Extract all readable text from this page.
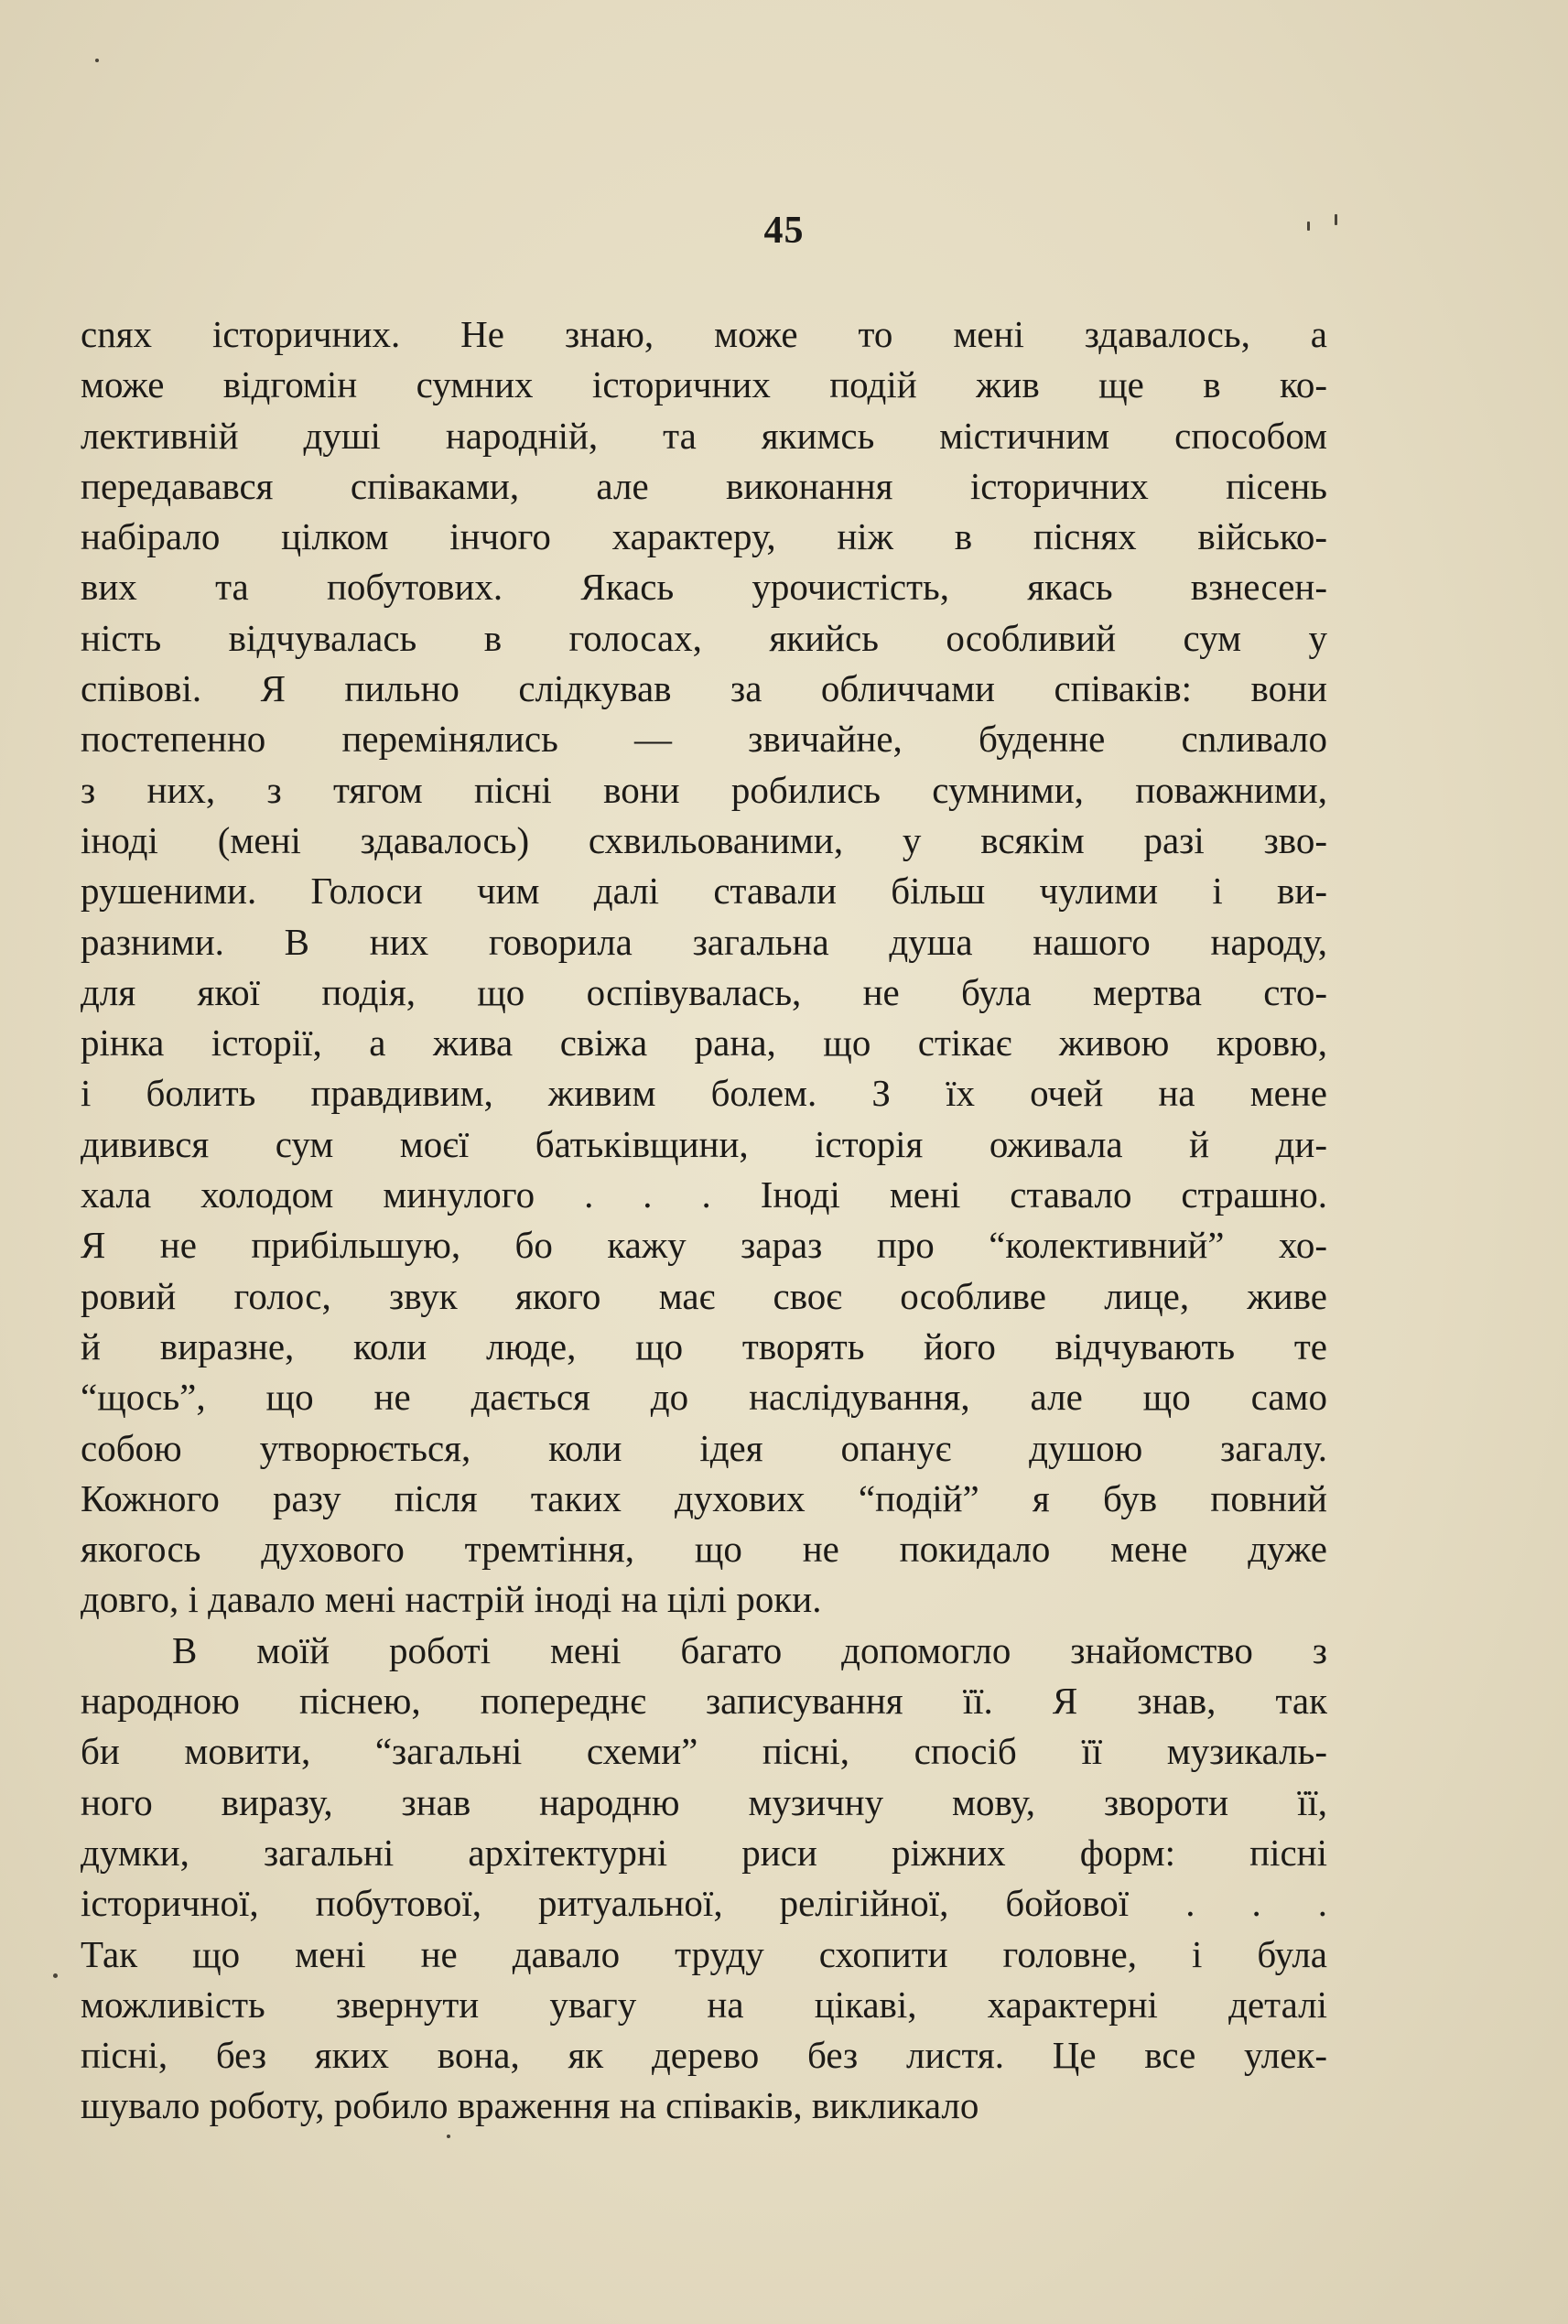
45
сnях історичних. Не знаю, може то мені здавалось, а
може відгомін сумних історичних подій жив ще в ко-
лективній душі народній, та якимсь містичним способом
передавався співаками, але виконання історичних пісень
набірало цілком інчого характеру, ніж в піснях військо-
вих та побутових. Якась урочистість, якась взнесен-
ність відчувалась в голосах, якийсь особливий сум у
співові. Я пильно слідкував за обличчами співаків: вони
постепенно перемінялись — звичайне, буденне сnливало
з них, з тягом пісні вони робились сумними, поважними,
іноді (мені здавалось) схвильованими, у всякім разі зво-
рушеними. Голоси чим далі ставали більш чулими і ви-
разними. В них говорила загальна душа нашого народу,
для якої подія, що оспівувалась, не була мертва сто-
рінка історії, а жива свіжа рана, що стікає живою кровю,
і болить правдивим, живим болем. З їх очей на мене
дивився сум моєї батьківщини, історія оживала й ди-
хала холодом минулого . . . Іноді мені ставало страшно.
Я не прибільшую, бо кажу зараз про “колективний” хо-
ровий голос, звук якого має своє особливе лице, живе
й виразне, коли люде, що творять його відчувають те
“щось”, що не дається до наслідування, але що само
собою утворюється, коли ідея опанує душою загалу.
Кожного разу після таких духових “подій” я був повний
якогось духового тремтіння, що не покидало мене дуже
довго, і давало мені настрій іноді на цілі роки.
В моїй роботі мені багато допомогло знайомство з
народною піснею, попереднє записування її. Я знав, так
би мовити, “загальні схеми” пісні, спосіб її музикаль-
ного виразу, знав народню музичну мову, звороти її,
думки, загальні архітектурні риси ріжних форм: пісні
історичної, побутової, ритуальної, релігійної, бойової . . .
Так що мені не давало труду схопити головне, і була
можливість звернути увагу на цікаві, характерні деталі
пісні, без яких вона, як дерево без листя. Це все улек-
шувало роботу, робило враження на співаків, викликало
